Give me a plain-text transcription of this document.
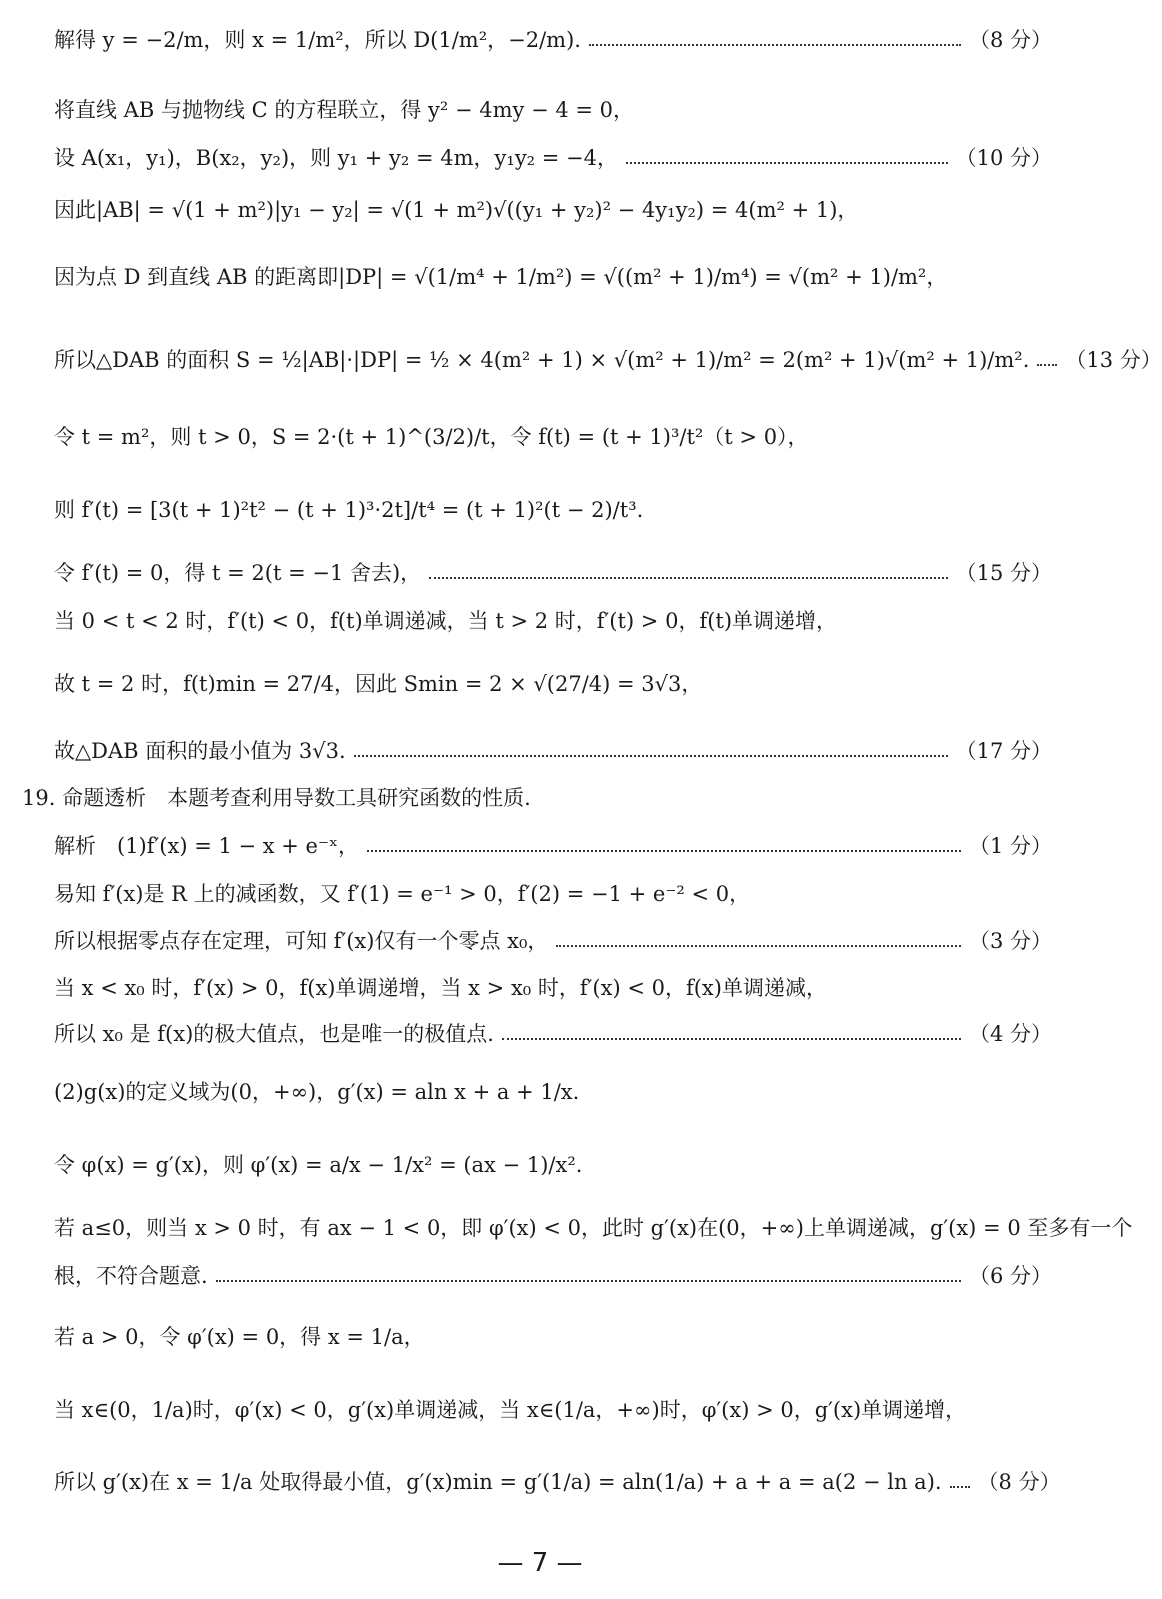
解得 y = −2/m，则 x = 1/m²，所以 D(1/m²，−2/m).	（8 分）
将直线 AB 与抛物线 C 的方程联立，得 y² − 4my − 4 = 0，
设 A(x₁，y₁)，B(x₂，y₂)，则 y₁ + y₂ = 4m，y₁y₂ = −4，	（10 分）
因此|AB| = √(1 + m²)|y₁ − y₂| = √(1 + m²)√((y₁ + y₂)² − 4y₁y₂) = 4(m² + 1)，
因为点 D 到直线 AB 的距离即|DP| = √(1/m⁴ + 1/m²) = √((m² + 1)/m⁴) = √(m² + 1)/m²，
所以△DAB 的面积 S = ½|AB|·|DP| = ½ × 4(m² + 1) × √(m² + 1)/m² = 2(m² + 1)√(m² + 1)/m². （13 分）
令 t = m²，则 t > 0，S = 2·(t + 1)^(3/2)/t，令 f(t) = (t + 1)³/t²（t > 0），
则 f′(t) = [3(t + 1)²t² − (t + 1)³·2t]/t⁴ = (t + 1)²(t − 2)/t³.
令 f′(t) = 0，得 t = 2(t = −1 舍去)，	（15 分）
当 0 < t < 2 时，f′(t) < 0，f(t)单调递减，当 t > 2 时，f′(t) > 0，f(t)单调递增，
故 t = 2 时，f(t)min = 27/4，因此 Smin = 2 × √(27/4) = 3√3，
故△DAB 面积的最小值为 3√3.	（17 分）
19. 命题透析　本题考查利用导数工具研究函数的性质.
解析　(1)f′(x) = 1 − x + e⁻ˣ，	（1 分）
易知 f′(x)是 R 上的减函数，又 f′(1) = e⁻¹ > 0，f′(2) = −1 + e⁻² < 0，
所以根据零点存在定理，可知 f′(x)仅有一个零点 x₀，	（3 分）
当 x < x₀ 时，f′(x) > 0，f(x)单调递增，当 x > x₀ 时，f′(x) < 0，f(x)单调递减，
所以 x₀ 是 f(x)的极大值点，也是唯一的极值点.	（4 分）
(2)g(x)的定义域为(0，+∞)，g′(x) = aln x + a + 1/x.
令 φ(x) = g′(x)，则 φ′(x) = a/x − 1/x² = (ax − 1)/x².
若 a≤0，则当 x > 0 时，有 ax − 1 < 0，即 φ′(x) < 0，此时 g′(x)在(0，+∞)上单调递减，g′(x) = 0 至多有一个
根，不符合题意.	（6 分）
若 a > 0，令 φ′(x) = 0，得 x = 1/a，
当 x∈(0，1/a)时，φ′(x) < 0，g′(x)单调递减，当 x∈(1/a，+∞)时，φ′(x) > 0，g′(x)单调递增，
所以 g′(x)在 x = 1/a 处取得最小值，g′(x)min = g′(1/a) = aln(1/a) + a + a = a(2 − ln a). （8 分）
— 7 —
